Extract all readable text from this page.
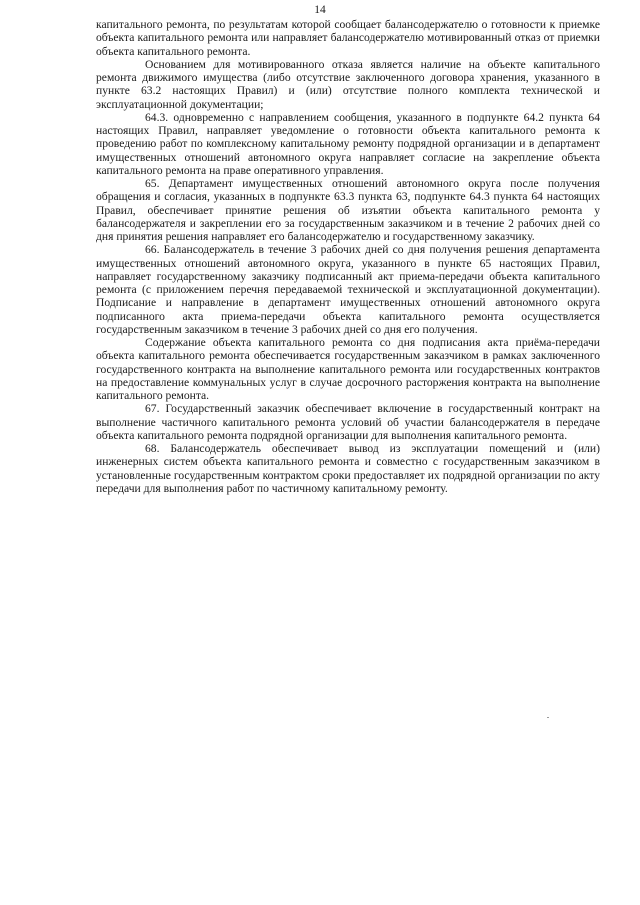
14

капитального ремонта, по результатам которой сообщает балансодержателю о готовности к приемке объекта капитального ремонта или направляет балансодержателю мотивированный отказ от приемки объекта капитального ремонта.

Основанием для мотивированного отказа является наличие на объекте капитального ремонта движимого имущества (либо отсутствие заключенного договора хранения, указанного в пункте 63.2 настоящих Правил) и (или) отсутствие полного комплекта технической и эксплуатационной документации;

64.3. одновременно с направлением сообщения, указанного в подпункте 64.2 пункта 64 настоящих Правил, направляет уведомление о готовности объекта капитального ремонта к проведению работ по комплексному капитальному ремонту подрядной организации и в департамент имущественных отношений автономного округа направляет согласие на закрепление объекта капитального ремонта на праве оперативного управления.

65. Департамент имущественных отношений автономного округа после получения обращения и согласия, указанных в подпункте 63.3 пункта 63, подпункте 64.3 пункта 64 настоящих Правил, обеспечивает принятие решения об изъятии объекта капитального ремонта у балансодержателя и закреплении его за государственным заказчиком и в течение 2 рабочих дней со дня принятия решения направляет его балансодержателю и государственному заказчику.

66. Балансодержатель в течение 3 рабочих дней со дня получения решения департамента имущественных отношений автономного округа, указанного в пункте 65 настоящих Правил, направляет государственному заказчику подписанный акт приема-передачи объекта капитального ремонта (с приложением перечня передаваемой технической и эксплуатационной документации). Подписание и направление в департамент имущественных отношений автономного округа подписанного акта приема-передачи объекта капитального ремонта осуществляется государственным заказчиком в течение 3 рабочих дней со дня его получения.

Содержание объекта капитального ремонта со дня подписания акта приёма-передачи объекта капитального ремонта обеспечивается государственным заказчиком в рамках заключенного государственного контракта на выполнение капитального ремонта или государственных контрактов на предоставление коммунальных услуг в случае досрочного расторжения контракта на выполнение капитального ремонта.

67. Государственный заказчик обеспечивает включение в государственный контракт на выполнение частичного капитального ремонта условий об участии балансодержателя в передаче объекта капитального ремонта подрядной организации для выполнения капитального ремонта.

68. Балансодержатель обеспечивает вывод из эксплуатации помещений и (или) инженерных систем объекта капитального ремонта и совместно с государственным заказчиком в установленные государственным контрактом сроки предоставляет их подрядной организации по акту передачи для выполнения работ по частичному капитальному ремонту.
